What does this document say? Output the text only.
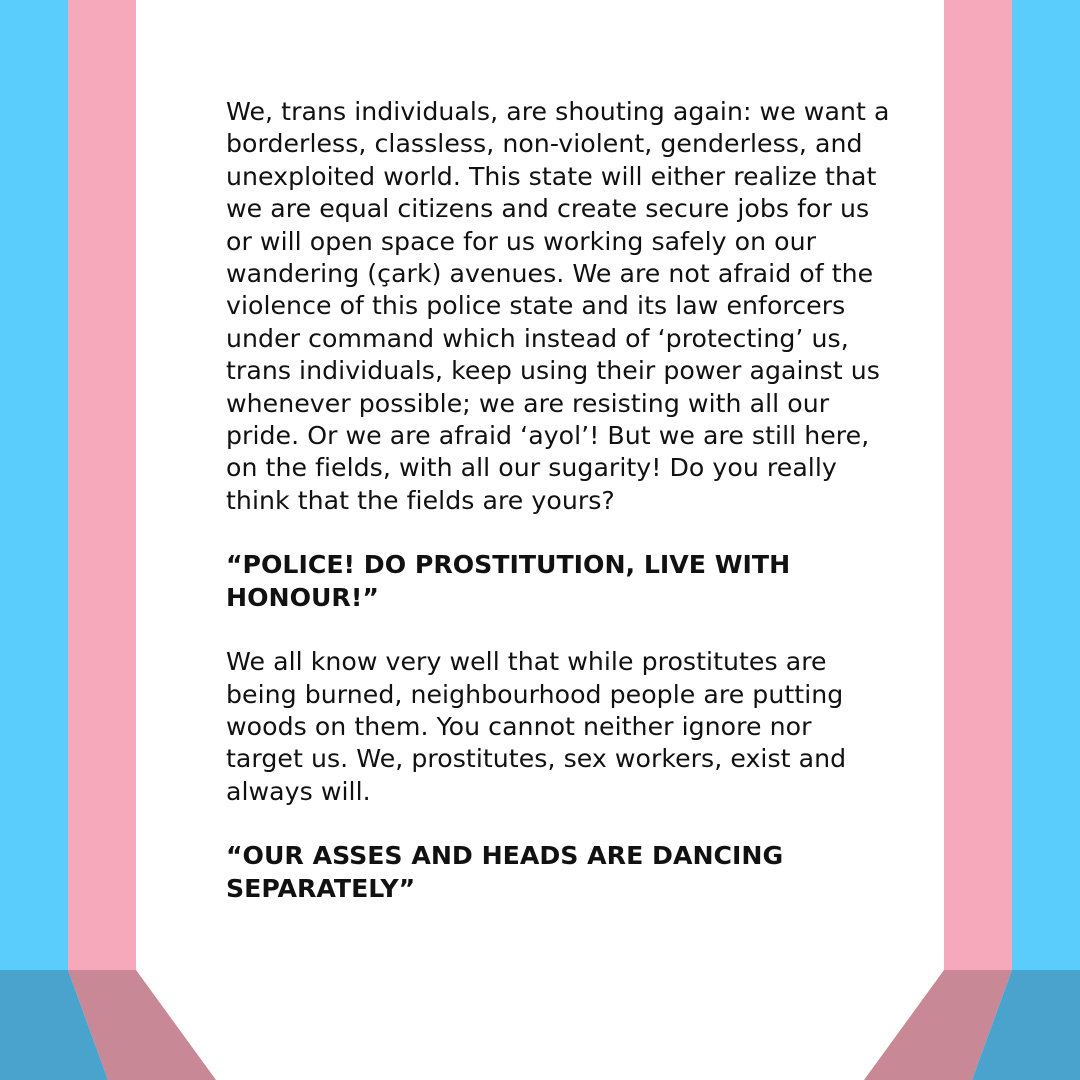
We, trans individuals, are shouting again: we want a
borderless, classless, non-violent, genderless, and
unexploited world. This state will either realize that
we are equal citizens and create secure jobs for us
or will open space for us working safely on our
wandering (çark) avenues. We are not afraid of the
violence of this police state and its law enforcers
under command which instead of ‘protecting’ us,
trans individuals, keep using their power against us
whenever possible; we are resisting with all our
pride. Or we are afraid ‘ayol’! But we are still here,
on the fields, with all our sugarity! Do you really
think that the fields are yours?

“POLICE! DO PROSTITUTION, LIVE WITH
HONOUR!”

We all know very well that while prostitutes are
being burned, neighbourhood people are putting
woods on them. You cannot neither ignore nor
target us. We, prostitutes, sex workers, exist and
always will.

“OUR ASSES AND HEADS ARE DANCING
SEPARATELY”
